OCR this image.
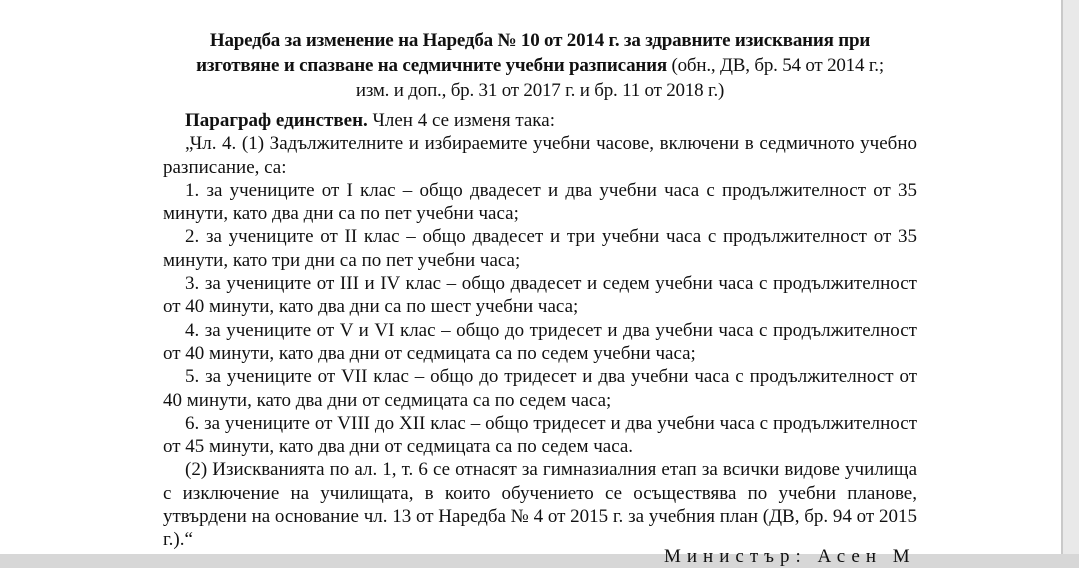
Наредба за изменение на Наредба № 10 от 2014 г. за здравните изисквания при
изготвяне и спазване на седмичните учебни разписания (обн., ДВ, бр. 54 от 2014 г.;
изм. и доп., бр. 31 от 2017 г. и бр. 11 от 2018 г.)

Параграф единствен. Член 4 се изменя така:

„Чл. 4. (1) Задължителните и избираемите учебни часове, включени в седмичното учебно разписание, са:

1. за учениците от I клас – общо двадесет и два учебни часа с продължителност от 35 минути, като два дни са по пет учебни часа;

2. за учениците от II клас – общо двадесет и три учебни часа с продължителност от 35 минути, като три дни са по пет учебни часа;

3. за учениците от III и IV клас – общо двадесет и седем учебни часа с продължителност от 40 минути, като два дни са по шест учебни часа;

4. за учениците от V и VI клас – общо до тридесет и два учебни часа с продължителност от 40 минути, като два дни от седмицата са по седем учебни часа;

5. за учениците от VII клас – общо до тридесет и два учебни часа с продължителност от 40 минути, като два дни от седмицата са по седем часа;

6. за учениците от VIII до XII клас – общо тридесет и два учебни часа с продължителност от 45 минути, като два дни от седмицата са по седем часа.

(2) Изискванията по ал. 1, т. 6 се отнасят за гимназиалния етап за всички видове училища с изключение на училищата, в които обучението се осъществява по учебни планове, утвърдени на основание чл. 13 от Наредба № 4 от 2015 г. за учебния план (ДВ, бр. 94 от 2015 г.).“

Министър: Асен М
